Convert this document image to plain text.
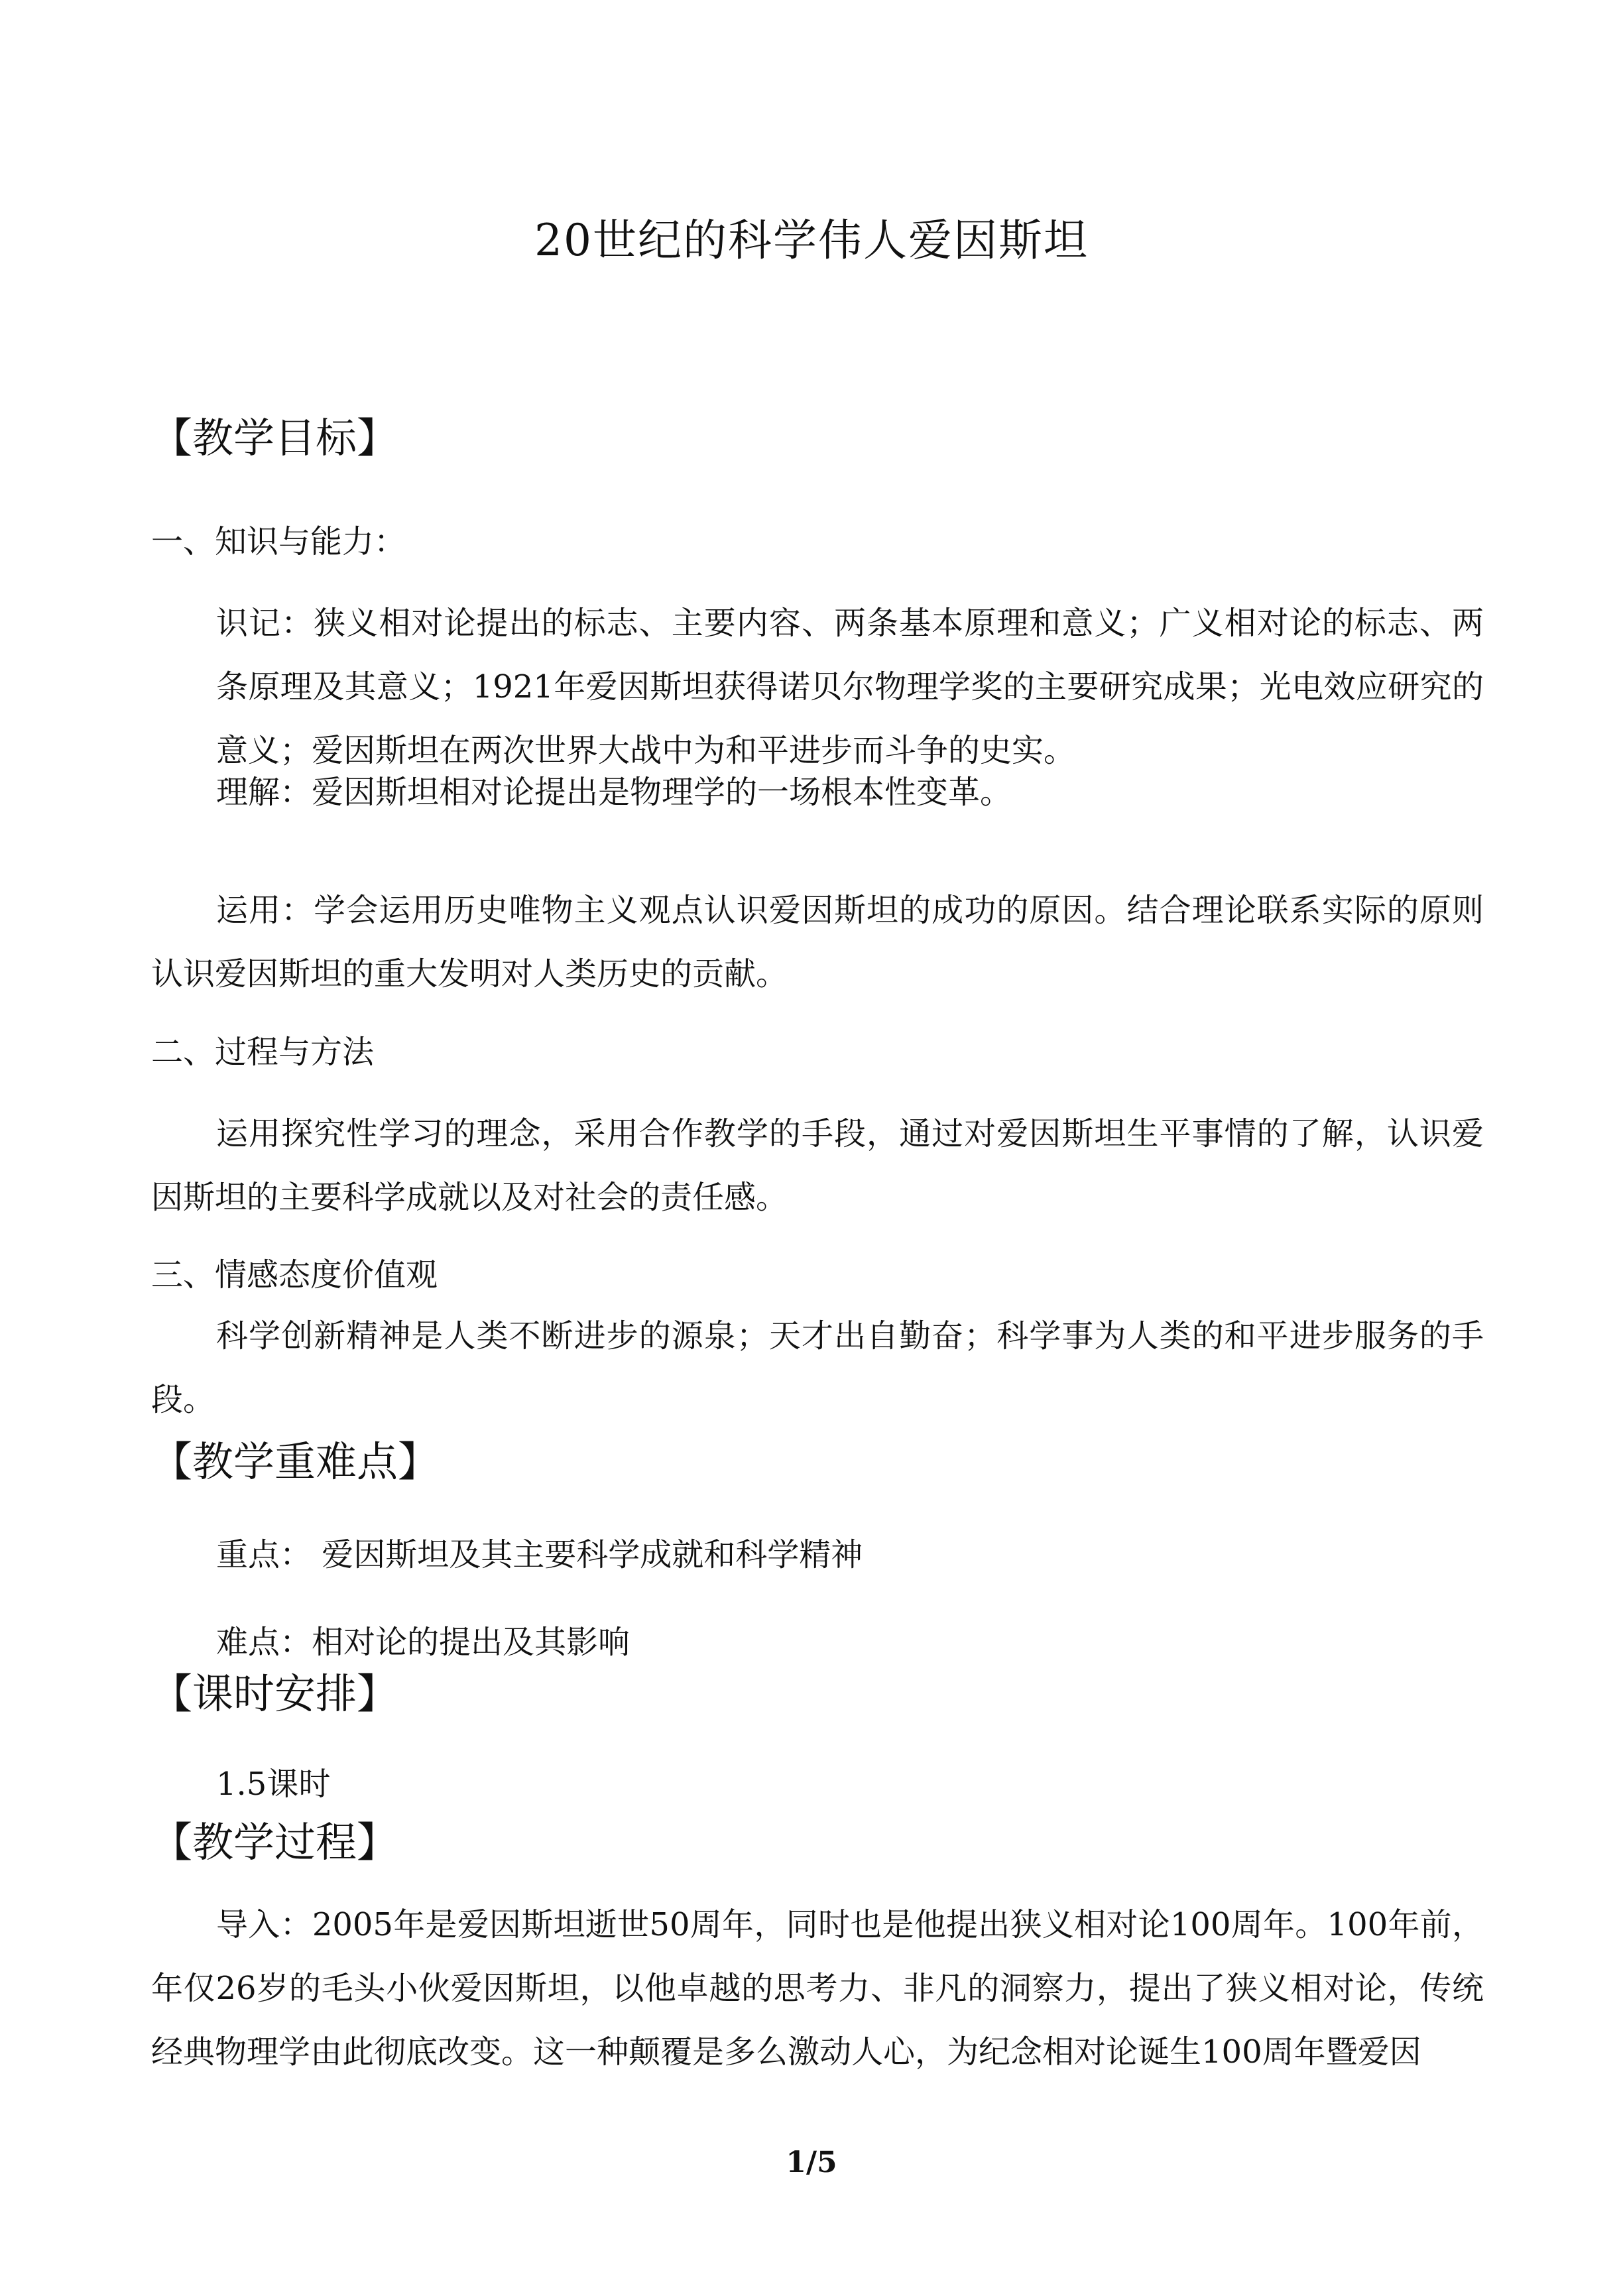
20世纪的科学伟人爱因斯坦
【教学目标】
一、知识与能力：
识记：狭义相对论提出的标志、主要内容、两条基本原理和意义；广义相对论的标志、两条原理及其意义；1921年爱因斯坦获得诺贝尔物理学奖的主要研究成果；光电效应研究的意义；爱因斯坦在两次世界大战中为和平进步而斗争的史实。
理解：爱因斯坦相对论提出是物理学的一场根本性变革。
运用：学会运用历史唯物主义观点认识爱因斯坦的成功的原因。结合理论联系实际的原则认识爱因斯坦的重大发明对人类历史的贡献。
二、过程与方法
运用探究性学习的理念，采用合作教学的手段，通过对爱因斯坦生平事情的了解，认识爱因斯坦的主要科学成就以及对社会的责任感。
三、情感态度价值观
科学创新精神是人类不断进步的源泉；天才出自勤奋；科学事为人类的和平进步服务的手段。
【教学重难点】
重点： 爱因斯坦及其主要科学成就和科学精神
难点：相对论的提出及其影响
【课时安排】
1.5课时
【教学过程】
导入：2005年是爱因斯坦逝世50周年，同时也是他提出狭义相对论100周年。100年前，年仅26岁的毛头小伙爱因斯坦，以他卓越的思考力、非凡的洞察力，提出了狭义相对论，传统经典物理学由此彻底改变。这一种颠覆是多么激动人心，为纪念相对论诞生100周年暨爱因
1/5
